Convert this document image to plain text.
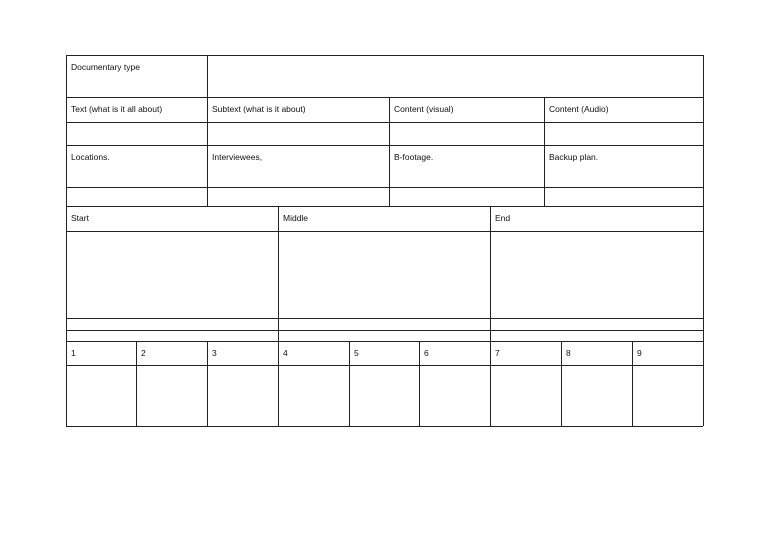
Documentary type
Text (what is it all about)	Subtext (what is it about)	Content (visual)	Content (Audio)
Locations.	Interviewees,	B-footage.	Backup plan.
Start	Middle	End
1	2	3	4	5	6	7	8	9
